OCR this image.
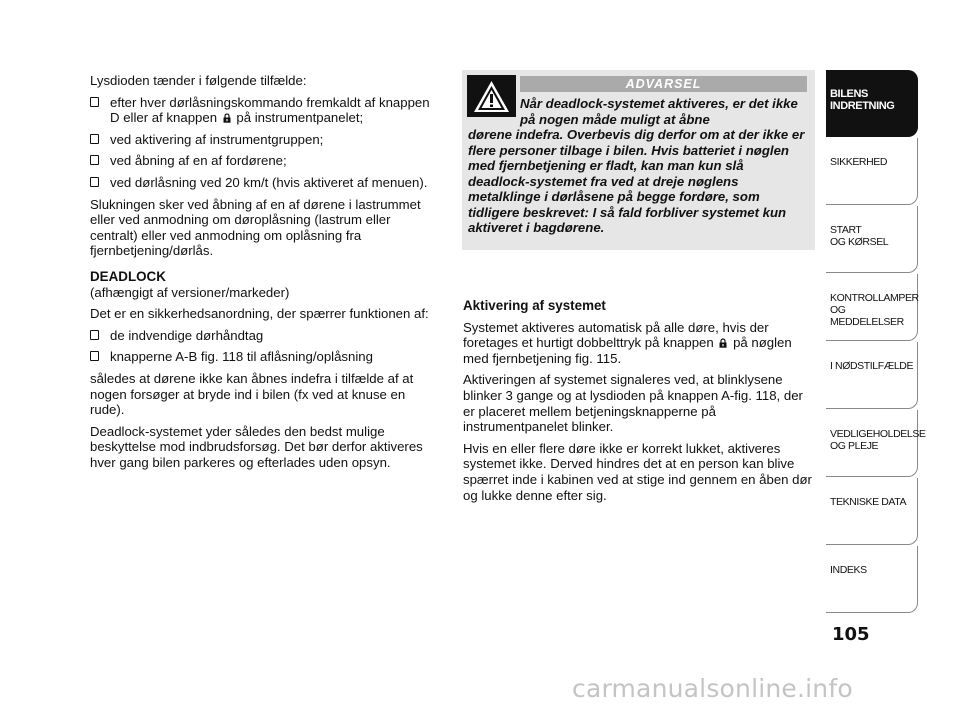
Lysdioden tænder i følgende tilfælde:

efter hver dørlåsningskommando fremkaldt af knappen D eller af knappen  på instrumentpanelet;
ved aktivering af instrumentgruppen;
ved åbning af en af fordørene;
ved dørlåsning ved 20 km/t (hvis aktiveret af menuen).

Slukningen sker ved åbning af en af dørene i lastrummet eller ved anmodning om døroplåsning (lastrum eller centralt) eller ved anmodning om oplåsning fra fjernbetjening/dørlås.

DEADLOCK

(afhængigt af versioner/markeder)

Det er en sikkerhedsanordning, der spærrer funktionen af:

de indvendige dørhåndtag
knapperne A-B fig. 118 til aflåsning/oplåsning

således at dørene ikke kan åbnes indefra i tilfælde af at nogen forsøger at bryde ind i bilen (fx ved at knuse en rude).

Deadlock-systemet yder således den bedst mulige beskyttelse mod indbrudsforsøg. Det bør derfor aktiveres hver gang bilen parkeres og efterlades uden opsyn.

ADVARSEL
Når deadlock-systemet aktiveres, er det ikke på nogen måde muligt at åbne
dørene indefra. Overbevis dig derfor om at der ikke er flere personer tilbage i bilen. Hvis batteriet i nøglen med fjernbetjening er fladt, kan man kun slå deadlock-systemet fra ved at dreje nøglens metalklinge i dørlåsene på begge fordøre, som tidligere beskrevet: I så fald forbliver systemet kun aktiveret i bagdørene.
Aktivering af systemet

Systemet aktiveres automatisk på alle døre, hvis der foretages et hurtigt dobbelttryk på knappen  på nøglen med fjernbetjening fig. 115.

Aktiveringen af systemet signaleres ved, at blinklysene blinker 3 gange og at lysdioden på knappen A-fig. 118, der er placeret mellem betjeningsknapperne på instrumentpanelet blinker.

Hvis en eller flere døre ikke er korrekt lukket, aktiveres systemet ikke. Derved hindres det at en person kan blive spærret inde i kabinen ved at stige ind gennem en åben dør og lukke denne efter sig.

BILENS
INDRETNING
SIKKERHED
START
OG KØRSEL
KONTROLLAMPER
OG MEDDELELSER
I NØDSTILFÆLDE
VEDLIGEHOLDELSE
OG PLEJE
TEKNISKE DATA
INDEKS
105
carmanualsonline.info
